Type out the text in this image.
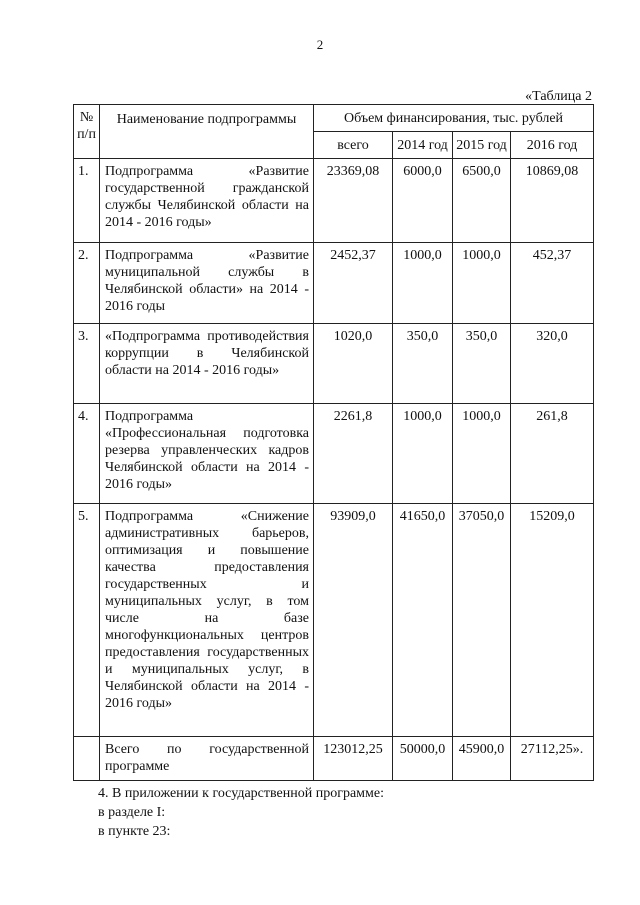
2
«Таблица 2
№ п/п	Наименование подпрограммы	Объем финансирования, тыс. рублей			
		всего	2014 год	2015 год	2016 год
1.	Подпрограмма «Развитие государственной гражданской службы Челябинской области на 2014 - 2016 годы»	23369,08	6000,0	6500,0	10869,08
2.	Подпрограмма «Развитие муниципальной службы в Челябинской области» на 2014 - 2016 годы	2452,37	1000,0	1000,0	452,37
3.	«Подпрограмма противодействия коррупции в Челябинской области на 2014 - 2016 годы»	1020,0	350,0	350,0	320,0
4.	Подпрограмма «Профессиональная подготовка резерва управленческих кадров Челябинской области на 2014 - 2016 годы»	2261,8	1000,0	1000,0	261,8
5.	Подпрограмма «Снижение административных барьеров, оптимизация и повышение качества предоставления государственных и муниципальных услуг, в том числе на базе многофункциональных центров предоставления государственных и муниципальных услуг, в Челябинской области на 2014 - 2016 годы»	93909,0	41650,0	37050,0	15209,0
	Всего по государственной программе	123012,25	50000,0	45900,0	27112,25».
4. В приложении к государственной программе:
в разделе I:
в пункте 23:
